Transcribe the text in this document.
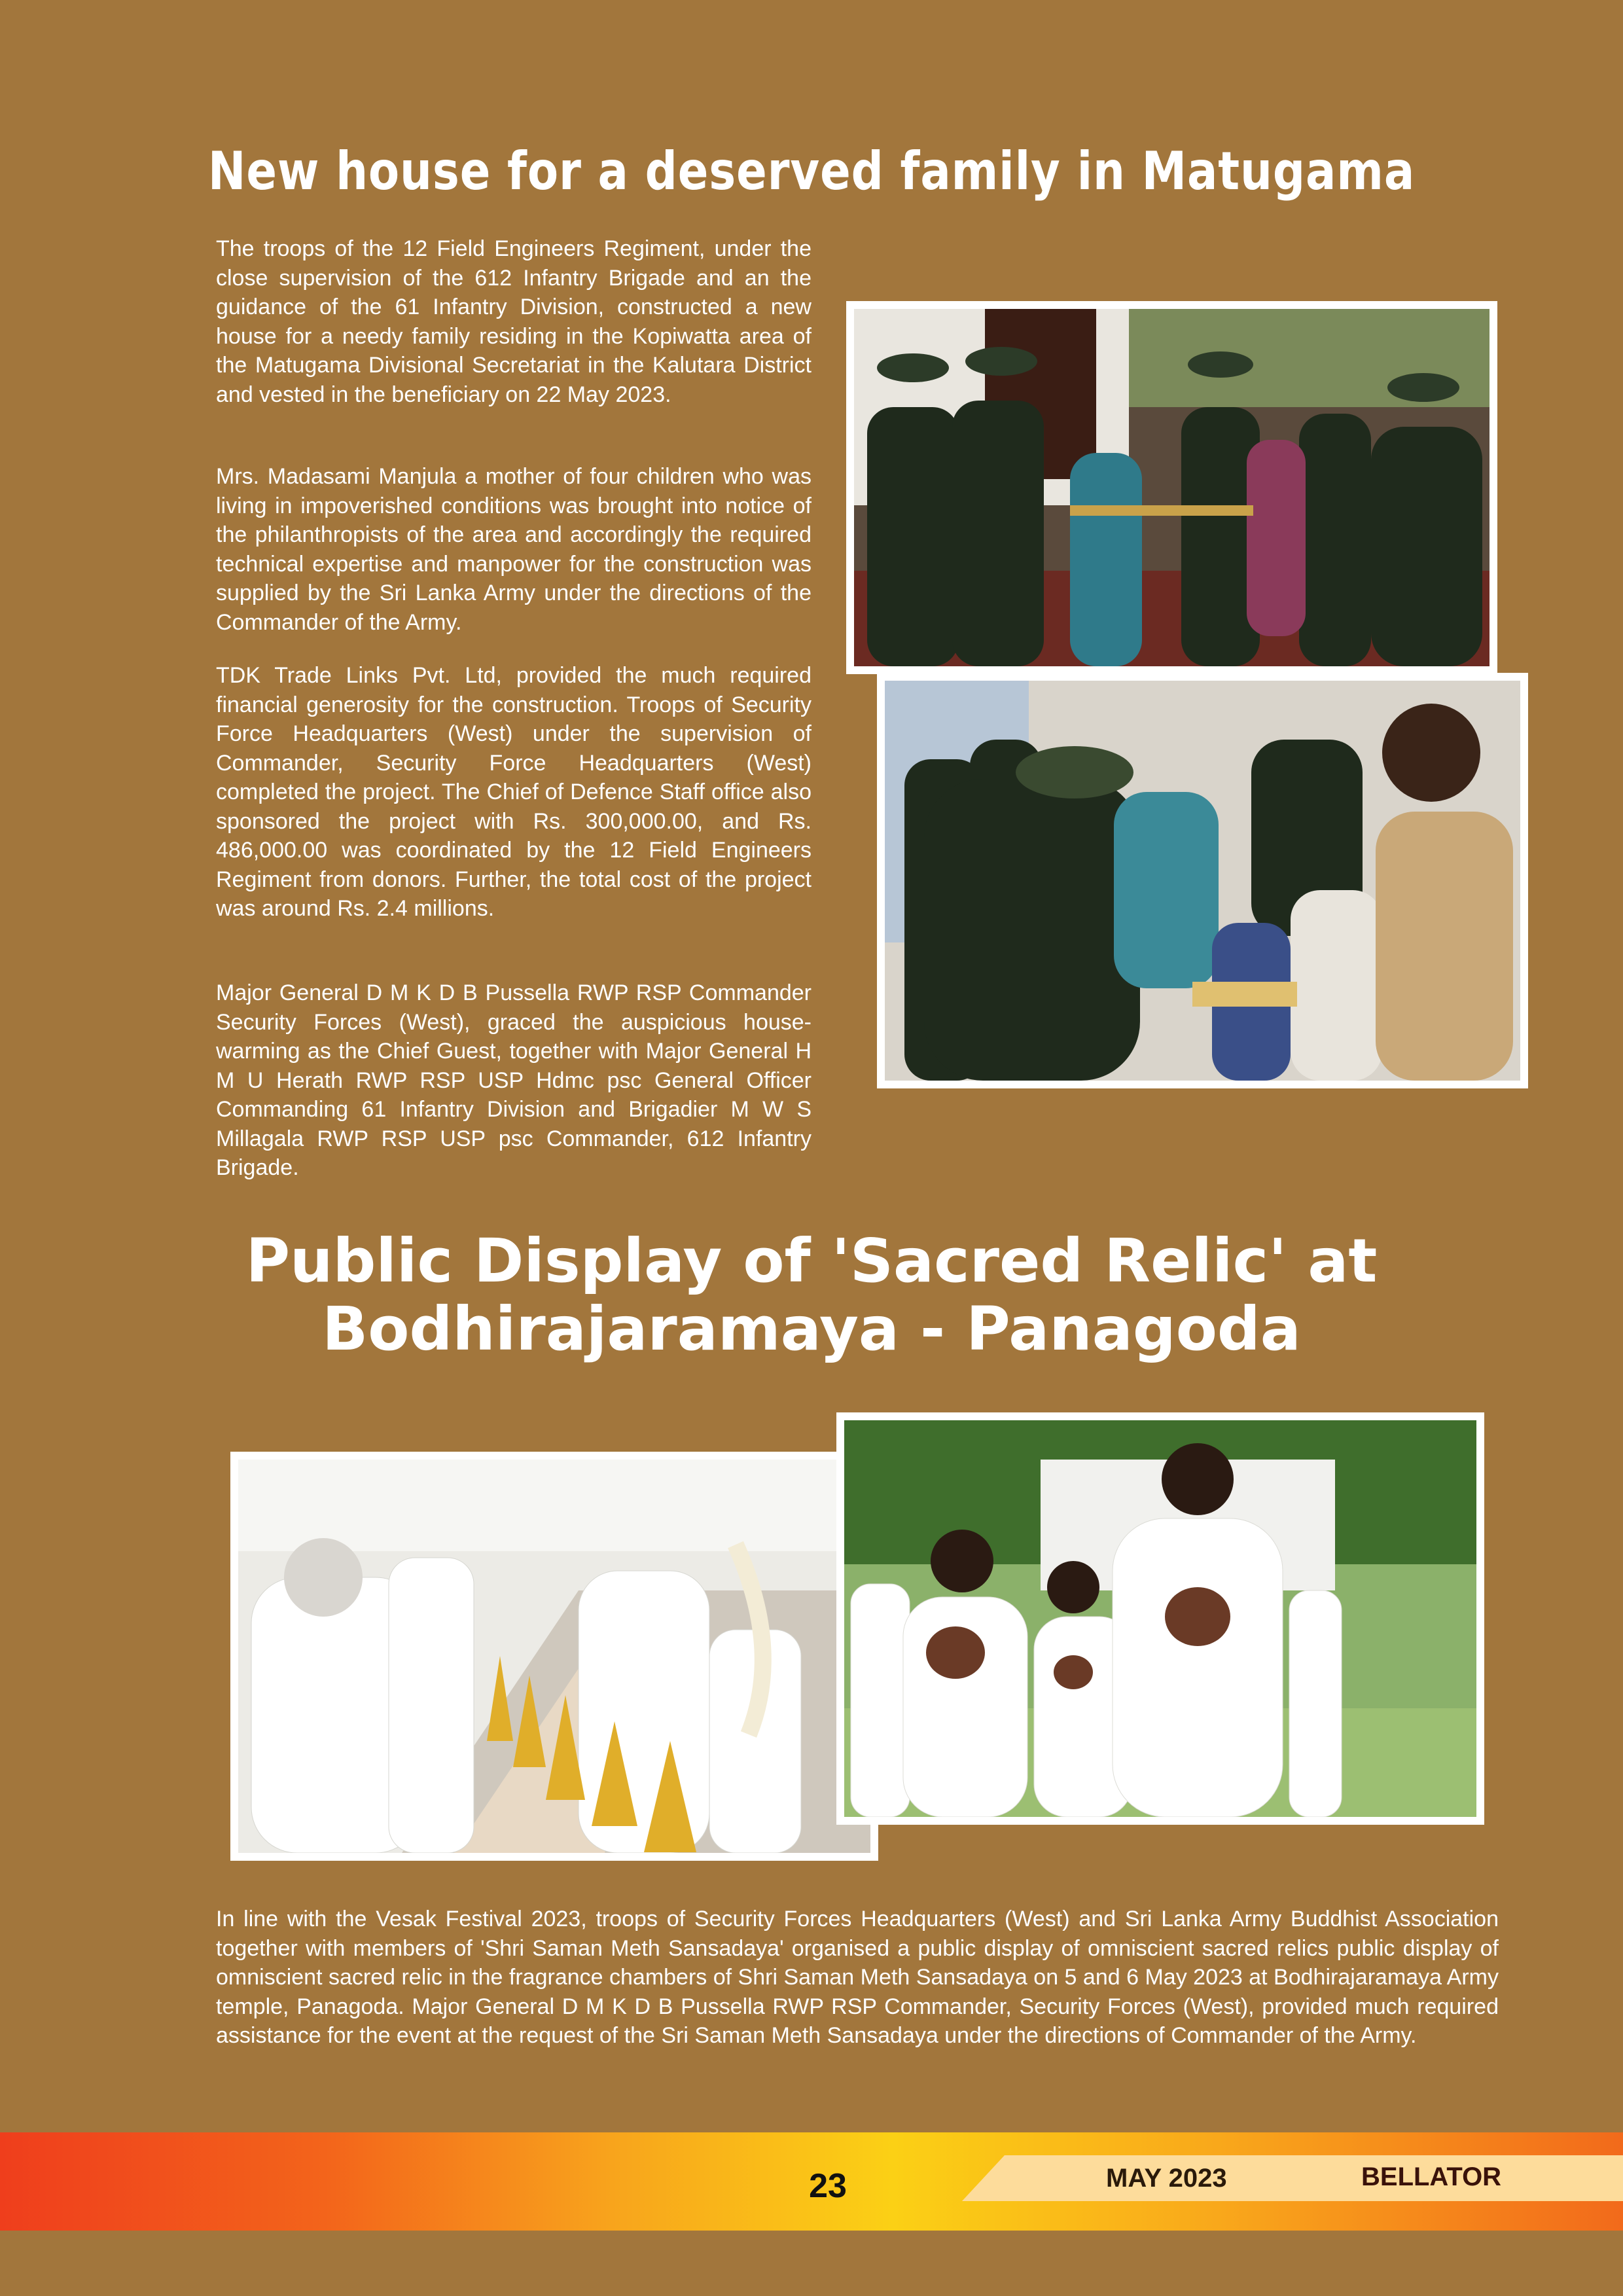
New house for a deserved family in Matugama

The troops of the 12 Field Engineers Regiment, under the close supervision of the 612 Infantry Brigade and an the guidance of the 61 Infantry Division, constructed a new house for a needy family residing in the Kopiwatta area of the Matugama Divisional Secretariat in the Kalutara District and vested in the beneficiary on 22 May 2023.

Mrs. Madasami Manjula a mother of four children who was living in impoverished conditions was brought into notice of the philanthropists of the area and accordingly the required technical expertise and manpower for the construction was supplied by the Sri Lanka Army under the directions of the Commander of the Army.

TDK Trade Links Pvt. Ltd, provided the much required financial generosity for the construction. Troops of Security Force Headquarters (West) under the supervision of Commander, Security Force Headquarters (West) completed the project. The Chief of Defence Staff office also sponsored the project with Rs. 300,000.00, and Rs. 486,000.00 was coordinated by the 12 Field Engineers Regiment from donors. Further, the total cost of the project was around Rs. 2.4 millions.

Major General D M K D B Pussella RWP RSP Commander Security Forces (West), graced the auspicious house-warming as the Chief Guest, together with Major General H M U Herath RWP RSP USP Hdmc psc General Officer Commanding 61 Infantry Division and Brigadier M W S Millagala RWP RSP USP psc Commander, 612 Infantry Brigade.

Public Display of 'Sacred Relic' at
Bodhirajaramaya - Panagoda

In line with the Vesak Festival 2023, troops of Security Forces Headquarters (West) and Sri Lanka Army Buddhist Association together with members of 'Shri Saman Meth Sansadaya' organised a public display of omniscient sacred relics public display of omniscient sacred relic in the fragrance chambers of Shri Saman Meth Sansadaya on 5 and 6 May 2023 at Bodhirajaramaya Army temple, Panagoda. Major General D M K D B Pussella RWP RSP Commander, Security Forces (West), provided much required assistance for the event at the request of the Sri Saman Meth Sansadaya under the directions of Commander of the Army.

23	MAY 2023	BELLATOR
